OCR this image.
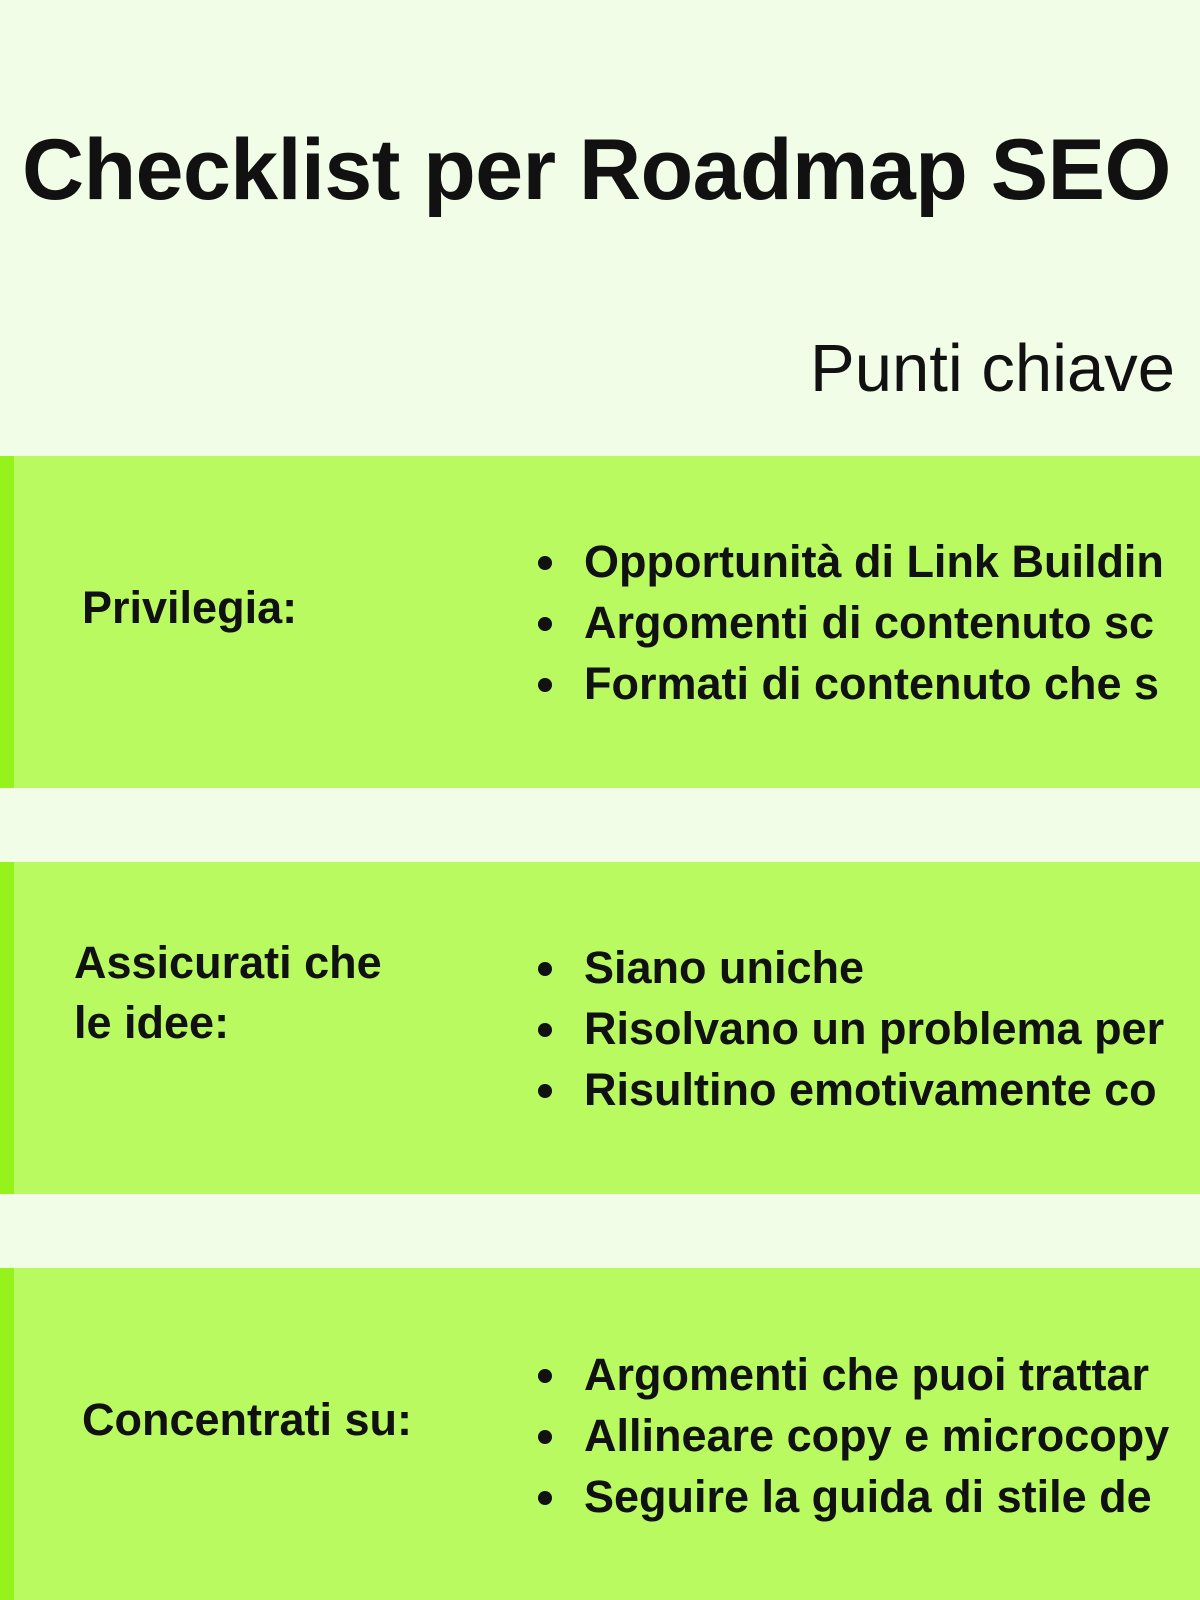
Checklist per Roadmap SEO
Punti chiave
Privilegia:
Opportunità di Link Buildin
Argomenti di contenuto sc
Formati di contenuto che s
Assicurati che
le idee:
Siano uniche
Risolvano un problema per
Risultino emotivamente co
Concentrati su:
Argomenti che puoi trattar
Allineare copy e microcopy
Seguire la guida di stile de
